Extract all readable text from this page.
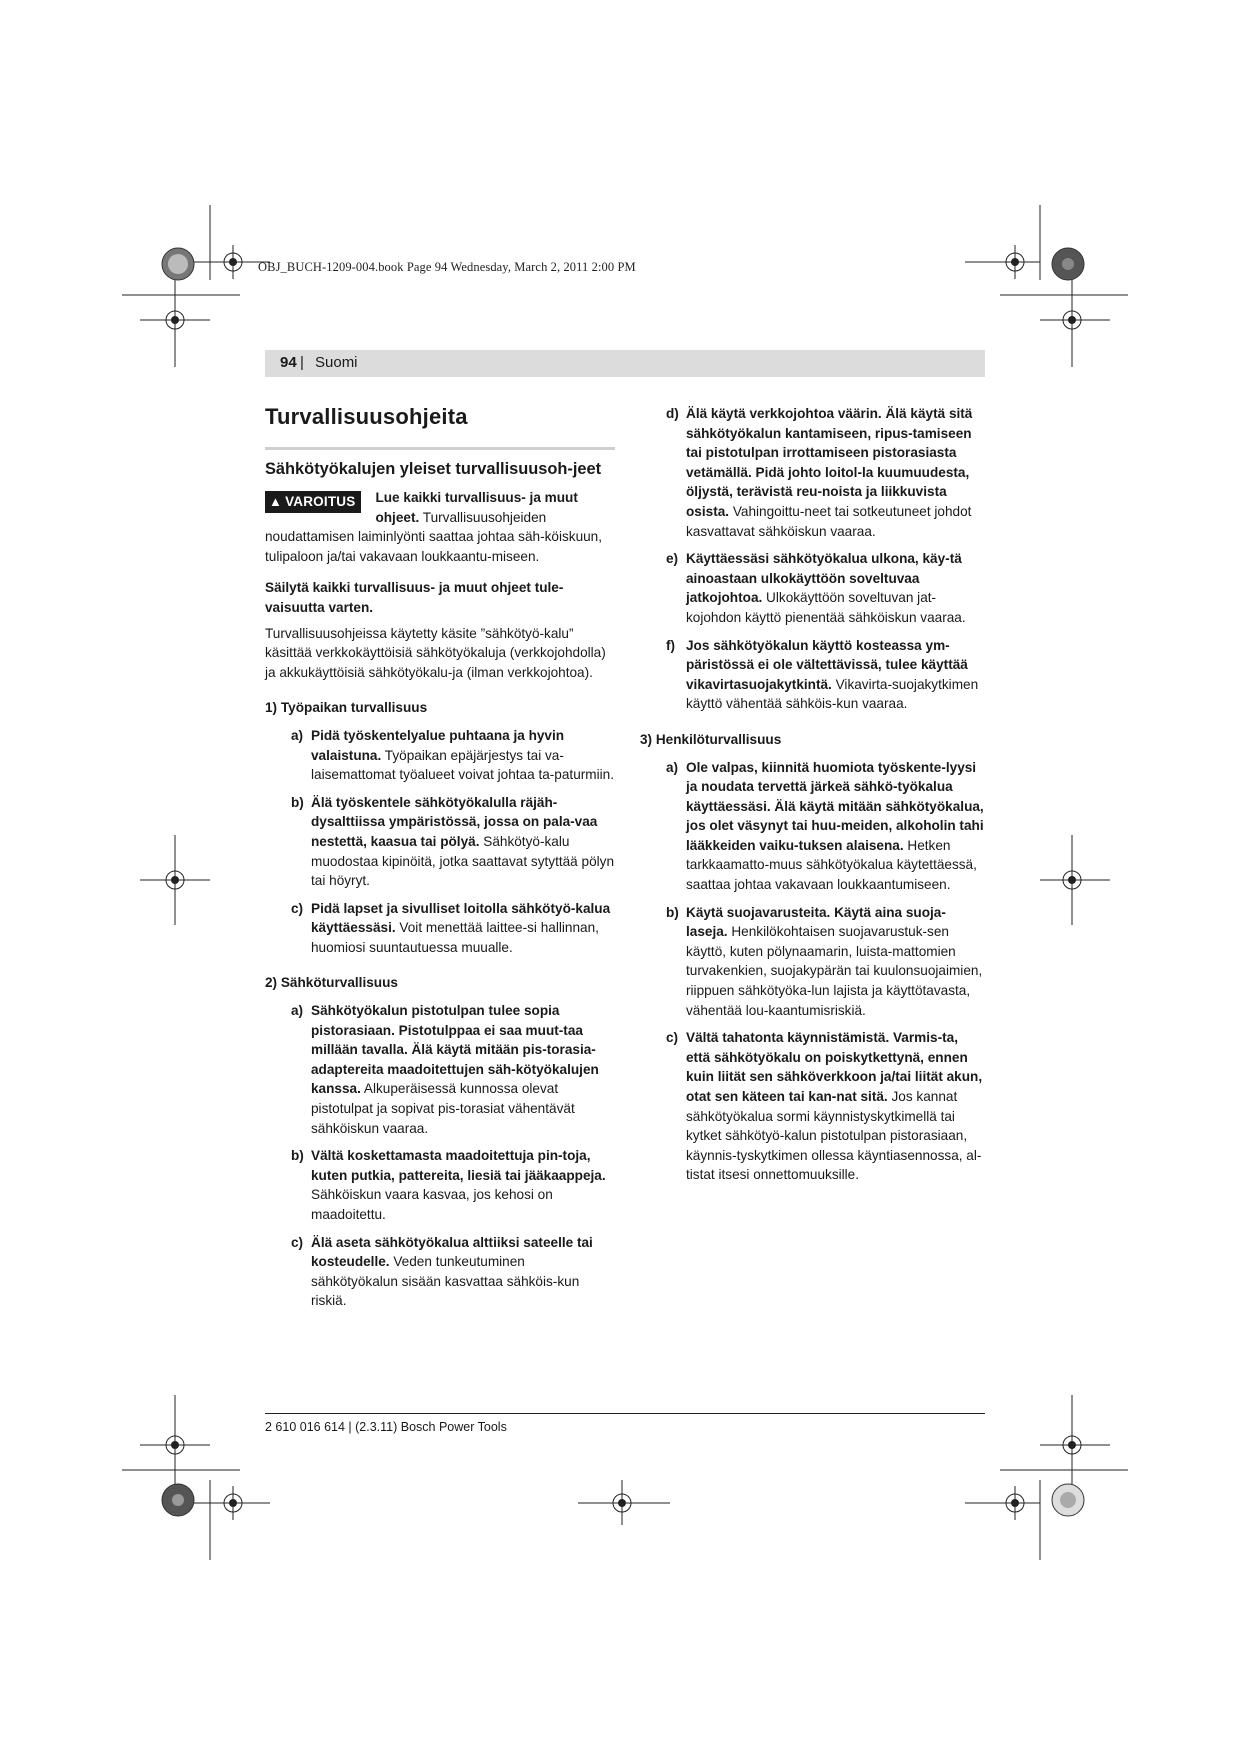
OBJ_BUCH-1209-004.book Page 94 Wednesday, March 2, 2011 2:00 PM
94 | Suomi
Turvallisuusohjeita
Sähkötyökalujen yleiset turvallisuusoh-jeet
▲ VAROITUS	Lue kaikki turvallisuus- ja muut ohjeet. Turvallisuusohjeiden noudattamisen laiminlyönti saattaa johtaa säh-köiskuun, tulipaloon ja/tai vakavaan loukkaantu-miseen.

Säilytä kaikki turvallisuus- ja muut ohjeet tule-vaisuutta varten.

Turvallisuusohjeissa käytetty käsite ”sähkötyö-kalu” käsittää verkkokäyttöisiä sähkötyökaluja (verkkojohdolla) ja akkukäyttöisiä sähkötyökalu-ja (ilman verkkojohtoa).

1) Työpaikan turvallisuus
a) Pidä työskentelyalue puhtaana ja hyvin valaistuna. Työpaikan epäjärjestys tai va-laisemattomat työalueet voivat johtaa ta-paturmiin.
b) Älä työskentele sähkötyökalulla räjäh-dysalttiissa ympäristössä, jossa on pala-vaa nestettä, kaasua tai pölyä. Sähkötyö-kalu muodostaa kipinöitä, jotka saattavat sytyttää pölyn tai höyryt.
c) Pidä lapset ja sivulliset loitolla sähkötyö-kalua käyttäessäsi. Voit menettää laittee-si hallinnan, huomiosi suuntautuessa muualle.
2) Sähköturvallisuus
a) Sähkötyökalun pistotulpan tulee sopia pistorasiaan. Pistotulppaa ei saa muut-taa millään tavalla. Älä käytä mitään pis-torasia-adaptereita maadoitettujen säh-kötyökalujen kanssa. Alkuperäisessä kunnossa olevat pistotulpat ja sopivat pis-torasiat vähentävät sähköiskun vaaraa.
b) Vältä koskettamasta maadoitettuja pin-toja, kuten putkia, pattereita, liesiä tai jääkaappeja. Sähköiskun vaara kasvaa, jos kehosi on maadoitettu.
c) Älä aseta sähkötyökalua alttiiksi sateelle tai kosteudelle. Veden tunkeutuminen sähkötyökalun sisään kasvattaa sähköis-kun riskiä.
d) Älä käytä verkkojohtoa väärin. Älä käytä sitä sähkötyökalun kantamiseen, ripus-tamiseen tai pistotulpan irrottamiseen pistorasiasta vetämällä. Pidä johto loitol-la kuumuudesta, öljystä, terävistä reu-noista ja liikkuvista osista. Vahingoittu-neet tai sotkeutuneet johdot kasvattavat sähköiskun vaaraa.
e) Käyttäessäsi sähkötyökalua ulkona, käy-tä ainoastaan ulkokäyttöön soveltuvaa jatkojohtoa. Ulkokäyttöön soveltuvan jat-kojohdon käyttö pienentää sähköiskun vaaraa.
f) Jos sähkötyökalun käyttö kosteassa ym-päristössä ei ole vältettävissä, tulee käyttää vikavirtasuojakytkintä. Vikavirta-suojakytkimen käyttö vähentää sähköis-kun vaaraa.
3) Henkilöturvallisuus
a) Ole valpas, kiinnitä huomiota työskente-lyysi ja noudata tervettä järkeä sähkö-työkalua käyttäessäsi. Älä käytä mitään sähkötyökalua, jos olet väsynyt tai huu-meiden, alkoholin tahi lääkkeiden vaiku-tuksen alaisena. Hetken tarkkaamatto-muus sähkötyökalua käytettäessä, saattaa johtaa vakavaan loukkaantumiseen.
b) Käytä suojavarusteita. Käytä aina suoja-laseja. Henkilökohtaisen suojavarustuk-sen käyttö, kuten pölynaamarin, luista-mattomien turvakenkien, suojakypärän tai kuulonsuojaimien, riippuen sähkötyöka-lun lajista ja käyttötavasta, vähentää lou-kaantumisriskiä.
c) Vältä tahatonta käynnistämistä. Varmis-ta, että sähkötyökalu on poiskytkettynä, ennen kuin liität sen sähköverkkoon ja/tai liität akun, otat sen käteen tai kan-nat sitä. Jos kannat sähkötyökalua sormi käynnistyskytkimellä tai kytket sähkötyö-kalun pistotulpan pistorasiaan, käynnis-tyskytkimen ollessa käyntiasennossa, al-tistat itsesi onnettomuuksille.
2 610 016 614 | (2.3.11) Bosch Power Tools
